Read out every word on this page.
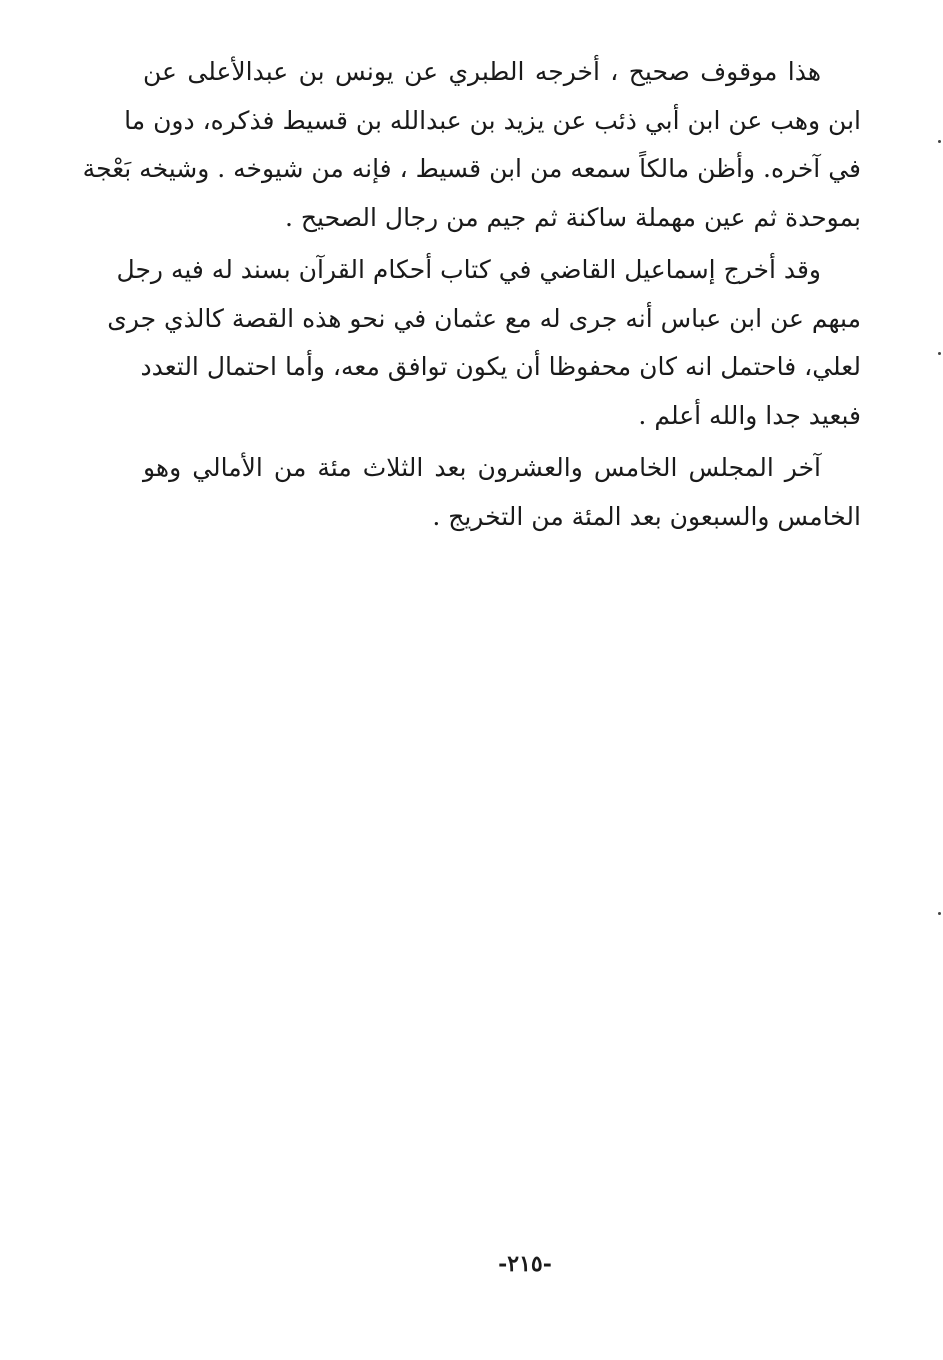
هذا موقوف صحيح ، أخرجه الطبري عن يونس بن عبدالأعلى عن
ابن وهب عن ابن أبي ذئب عن يزيد بن عبدالله بن قسيط فذكره، دون ما
في آخره. وأظن مالكاً سمعه من ابن قسيط ، فإنه من شيوخه . وشيخه بَعْجة
بموحدة ثم عين مهملة ساكنة ثم جيم من رجال الصحيح .
وقد أخرج إسماعيل القاضي في كتاب أحكام القرآن بسند له فيه رجل
مبهم عن ابن عباس أنه جرى له مع عثمان في نحو هذه القصة كالذي جرى
لعلي، فاحتمل انه كان محفوظا أن يكون توافق معه، وأما احتمال التعدد
فبعيد جدا والله أعلم .
آخر المجلس الخامس والعشرون بعد الثلاث مئة من الأمالي وهو
الخامس والسبعون بعد المئة من التخريج .
-٢١٥-
